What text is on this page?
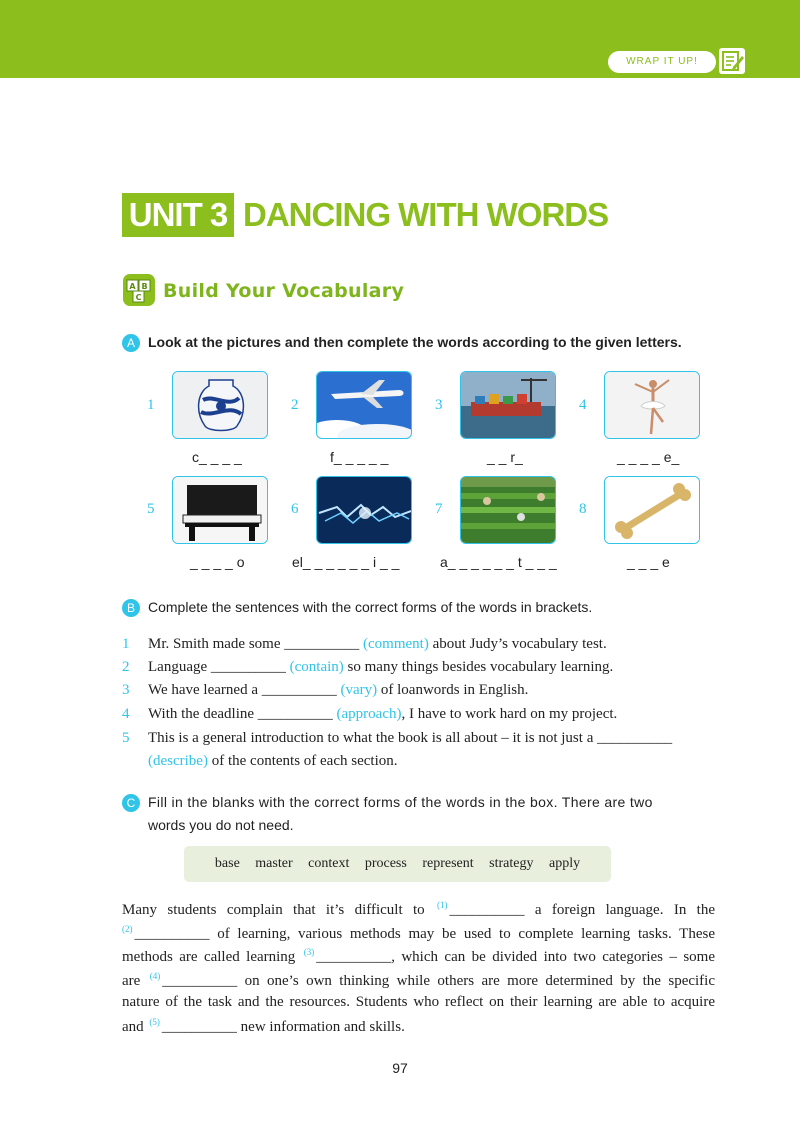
WRAP IT UP!
UNIT 3 DANCING WITH WORDS
A B
C Build Your Vocabulary
A Look at the pictures and then complete the words according to the given letters.
1	2	3	4
c_ _ _ _	f_ _ _ _ _	_ _ r_	_ _ _ _ e_
5	6	7	8
_ _ _ _ o	el_ _ _ _ _ _ i _ _	a_ _ _ _ _ _ t _ _ _	_ _ _ e
B Complete the sentences with the correct forms of the words in brackets.
1 Mr. Smith made some __________ (comment) about Judy’s vocabulary test.
2 Language __________ (contain) so many things besides vocabulary learning.
3 We have learned a __________ (vary) of loanwords in English.
4 With the deadline __________ (approach), I have to work hard on my project.
5 This is a general introduction to what the book is all about – it is not just a __________
(describe) of the contents of each section.
C Fill in the blanks with the correct forms of the words in the box. There are two
words you do not need.
base master context process represent strategy apply
Many students complain that it’s difficult to $^{(1)}$ __________ a foreign language. In the
$^{(2)}$ __________ of learning, various methods may be used to complete learning tasks. These
methods are called learning $^{(3)}$ __________, which can be divided into two categories – some
are $^{(4)}$ __________ on one’s own thinking while others are more determined by the specific
nature of the task and the resources. Students who reflect on their learning are able to acquire
and $^{(5)}$ __________ new information and skills.
97
